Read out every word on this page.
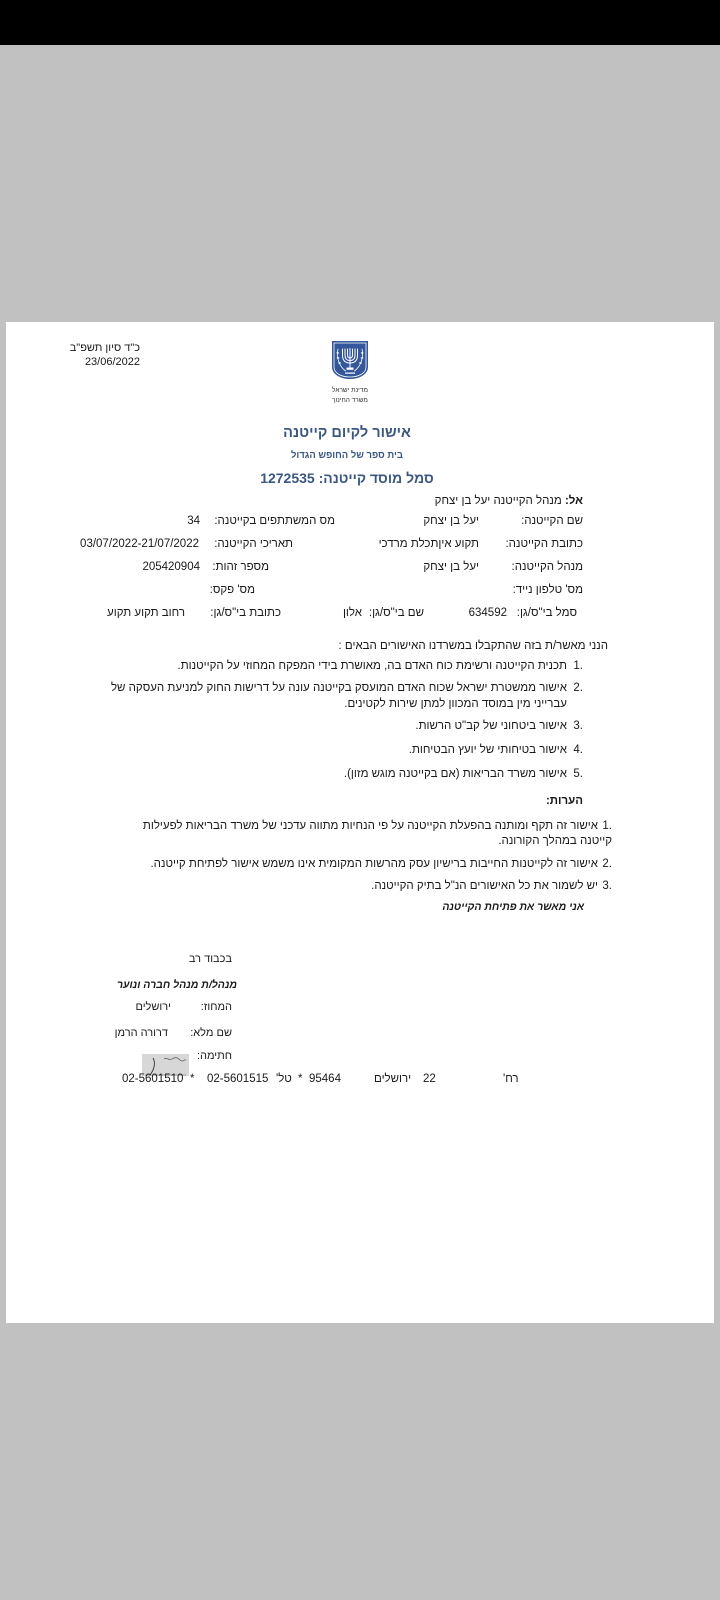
כ"ד סיון תשפ"ב
23/06/2022
מדינת ישראל
משרד החינוך
אישור לקיום קייטנה
בית ספר של החופש הגדול
סמל מוסד קייטנה: 1272535
אל: מנהל הקייטנה יעל בן יצחק
שם הקייטנה:
יעל בן יצחק
מס המשתתפים בקייטנה:
34
כתובת הקייטנה:
תקוע איןתכלת מרדכי
תאריכי הקייטנה:
03/07/2022-21/07/2022
מנהל הקייטנה:
יעל בן יצחק
מספר זהות:
205420904
מס' טלפון נייד:
מס' פקס:
סמל בי"ס/גן:
634592
שם בי"ס/גן:
אלון
כתובת בי"ס/גן:
רחוב תקוע תקוע
הנני מאשר/ת בזה שהתקבלו במשרדנו האישורים הבאים :
1.
תכנית הקייטנה ורשימת כוח האדם בה, מאושרת בידי המפקח המחוזי על הקייטנות.
2.
אישור ממשטרת ישראל שכוח האדם המועסק בקייטנה עונה על דרישות החוק למניעת העסקה של
עברייני מין במוסד המכוון למתן שירות לקטינים.
3.
אישור ביטחוני של קב"ט הרשות.
4.
אישור בטיחותי של יועץ הבטיחות.
5.
אישור משרד הבריאות (אם בקייטנה מוגש מזון).
הערות:
1.
אישור זה תקף ומותנה בהפעלת הקייטנה על פי הנחיות מתווה עדכני של משרד הבריאות לפעילות
קייטנה במהלך הקורונה.
2.
אישור זה לקייטנות החייבות ברישיון עסק מהרשות המקומית אינו משמש אישור לפתיחת קייטנה.
3.
יש לשמור את כל האישורים הנ"ל בתיק הקייטנה.
אני מאשר את פתיחת הקייטנה
בכבוד רב
מנהל/ת מנהל חברה ונוער
המחוז:
ירושלים
שם מלא:
דרורה הרמן
חתימה:
02-5601510 * 02-5601515 טל' * 95464	ירושלים 22	רח'
